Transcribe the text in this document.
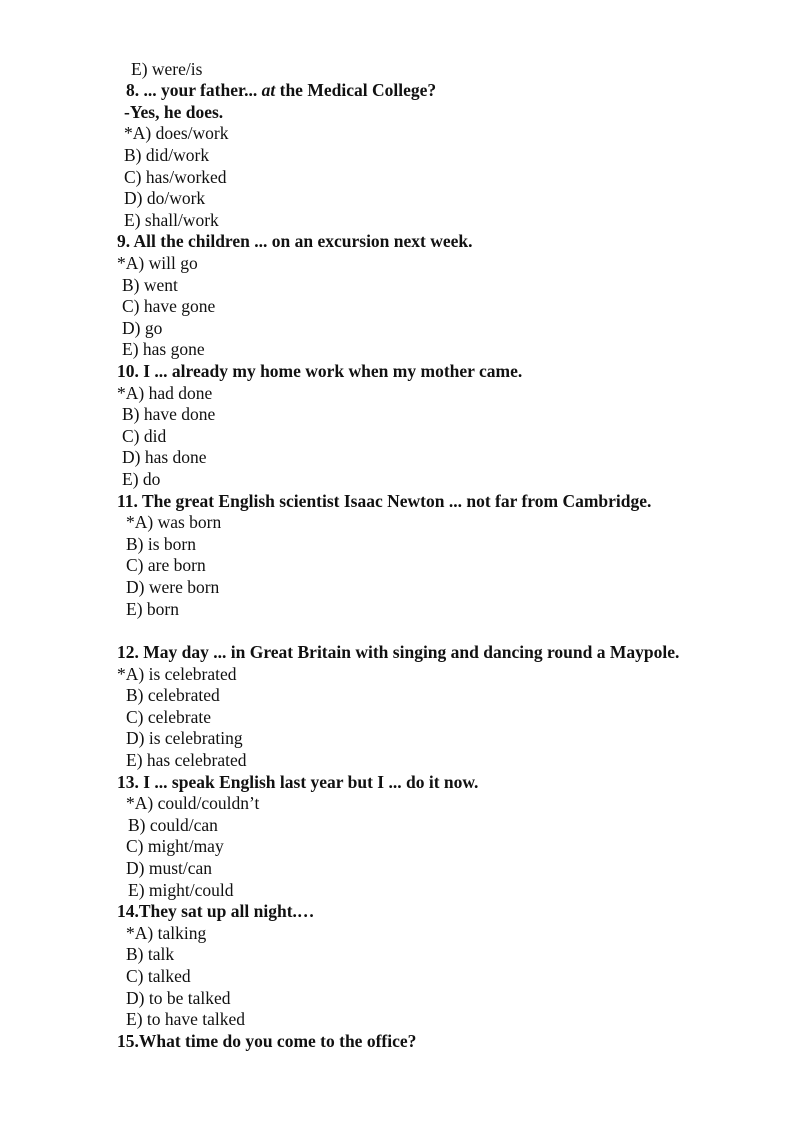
E) were/is
8. ... your father... at the Medical College?
-Yes, he does.
*A) does/work
B) did/work
C) has/worked
D) do/work
E) shall/work
9. All the children ... on an excursion next week.
*A) will go
B) went
C) have gone
D) go
E) has gone
10. I ... already my home work when my mother came.
*A) had done
B) have done
C) did
D) has done
E) do
11. The great English scientist Isaac Newton ... not far from Cambridge.
*A) was born
B) is born
C) are born
D) were born
E) born
12. May day ... in Great Britain with singing and dancing round a Maypole.
*A) is celebrated
B) celebrated
C) celebrate
D) is celebrating
E) has celebrated
13. I ... speak English last year but I ... do it now.
*A) could/couldn’t
B) could/can
C) might/may
D) must/can
E) might/could
14.They sat up all night.…
*A) talking
B) talk
C) talked
D) to be talked
E) to have talked
15.What time do you come to the office?
